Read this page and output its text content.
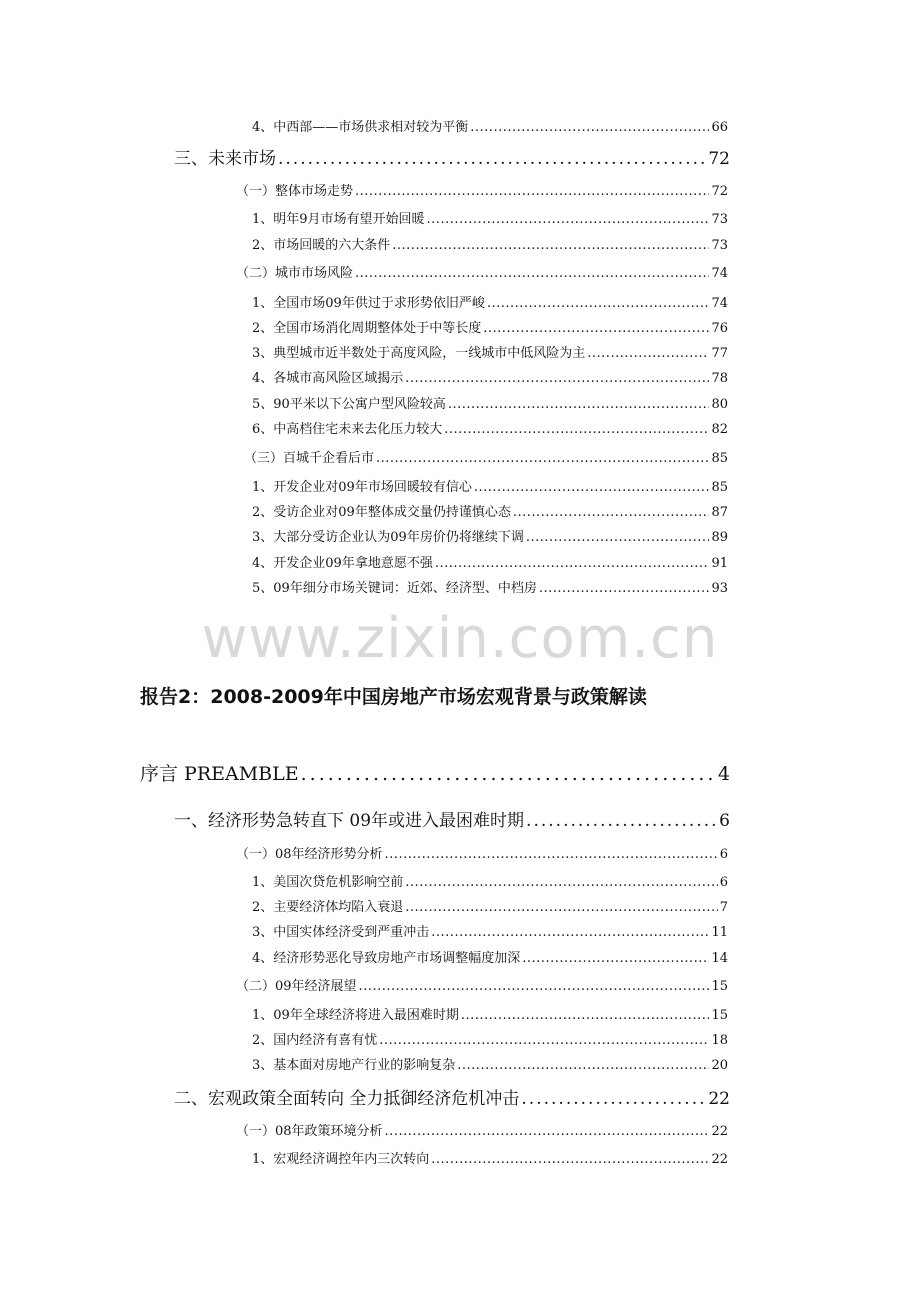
4、中西部——市场供求相对较为平衡 .....	66
三、未来市场 .....	72
（一）整体市场走势 .....	72
1、明年9月市场有望开始回暖 .....	73
2、市场回暖的六大条件 .....	73
（二）城市市场风险 .....	74
1、全国市场09年供过于求形势依旧严峻 .....	74
2、全国市场消化周期整体处于中等长度 .....	76
3、典型城市近半数处于高度风险，一线城市中低风险为主 .....	77
4、各城市高风险区域揭示 .....	78
5、90平米以下公寓户型风险较高 .....	80
6、中高档住宅未来去化压力较大 .....	82
（三）百城千企看后市 .....	85
1、开发企业对09年市场回暖较有信心 .....	85
2、受访企业对09年整体成交量仍持谨慎心态 .....	87
3、大部分受访企业认为09年房价仍将继续下调 .....	89
4、开发企业09年拿地意愿不强 .....	91
5、09年细分市场关键词：近郊、经济型、中档房 .....	93
www.zixin.com.cn
报告2：2008-2009年中国房地产市场宏观背景与政策解读
序言 PREAMBLE .....	4
一、经济形势急转直下 09年或进入最困难时期 .....	6
（一）08年经济形势分析 .....	6
1、美国次贷危机影响空前 .....	6
2、主要经济体均陷入衰退 .....	7
3、中国实体经济受到严重冲击 .....	11
4、经济形势恶化导致房地产市场调整幅度加深 .....	14
（二）09年经济展望 .....	15
1、09年全球经济将进入最困难时期 .....	15
2、国内经济有喜有忧 .....	18
3、基本面对房地产行业的影响复杂 .....	20
二、宏观政策全面转向 全力抵御经济危机冲击 .....	22
（一）08年政策环境分析 .....	22
1、宏观经济调控年内三次转向 .....	22
